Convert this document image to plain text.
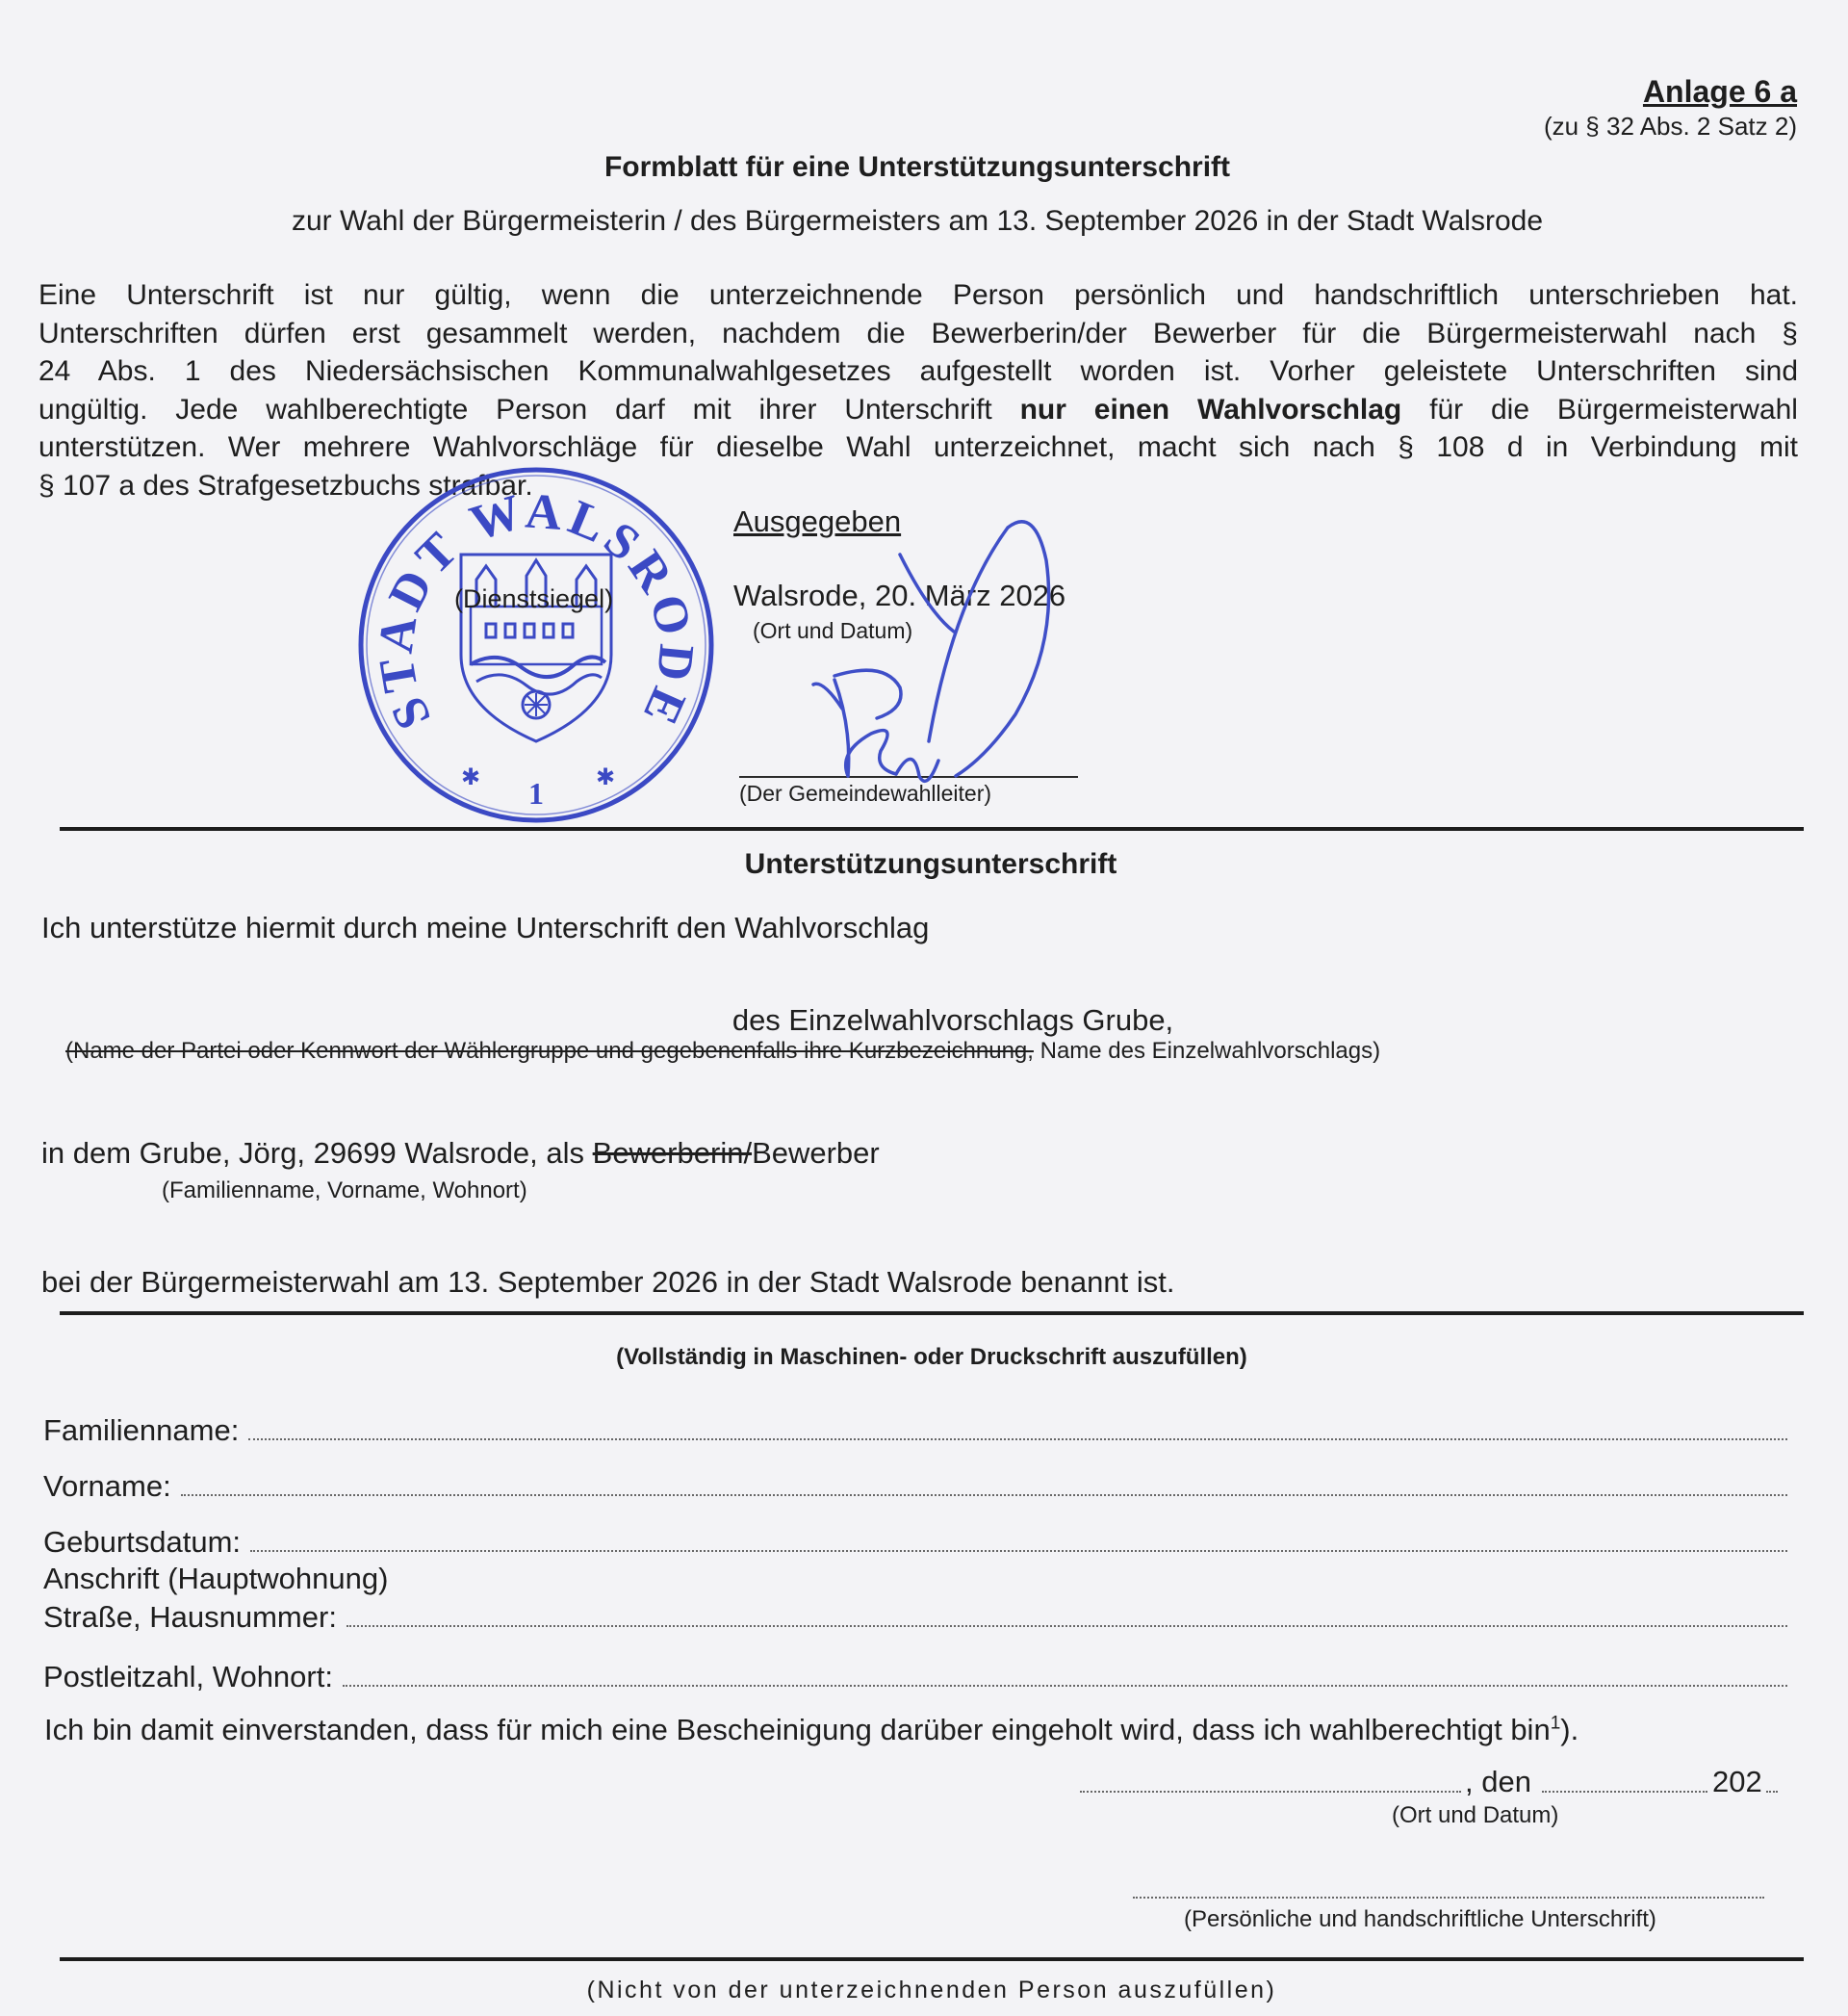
Anlage 6 a
(zu § 32 Abs. 2 Satz 2)
Formblatt für eine Unterstützungsunterschrift
zur Wahl der Bürgermeisterin / des Bürgermeisters am 13. September 2026 in der Stadt Walsrode
Eine Unterschrift ist nur gültig, wenn die unterzeichnende Person persönlich und handschriftlich unterschrieben hat.
Unterschriften dürfen erst gesammelt werden, nachdem die Bewerberin/der Bewerber für die Bürgermeisterwahl nach §
24 Abs. 1 des Niedersächsischen Kommunalwahlgesetzes aufgestellt worden ist. Vorher geleistete Unterschriften sind
ungültig. Jede wahlberechtigte Person darf mit ihrer Unterschrift nur einen Wahlvorschlag für die Bürgermeisterwahl
unterstützen. Wer mehrere Wahlvorschläge für dieselbe Wahl unterzeichnet, macht sich nach § 108 d in Verbindung mit
§ 107 a des Strafgesetzbuchs strafbar.
STADT WALSRODE
✱	✱
1
(Dienstsiegel)
Ausgegeben
Walsrode, 20. März 2026
(Ort und Datum)
(Der Gemeindewahlleiter)
Unterstützungsunterschrift
Ich unterstütze hiermit durch meine Unterschrift den Wahlvorschlag
des Einzelwahlvorschlags Grube,
(Name der Partei oder Kennwort der Wählergruppe und gegebenenfalls ihre Kurzbezeichnung, Name des Einzelwahlvorschlags)
in dem Grube, Jörg, 29699 Walsrode, als Bewerberin/Bewerber
(Familienname, Vorname, Wohnort)
bei der Bürgermeisterwahl am 13. September 2026 in der Stadt Walsrode benannt ist.
(Vollständig in Maschinen- oder Druckschrift auszufüllen)
Familienname:
Vorname:
Geburtsdatum:
Anschrift (Hauptwohnung)
Straße, Hausnummer:
Postleitzahl, Wohnort:
Ich bin damit einverstanden, dass für mich eine Bescheinigung darüber eingeholt wird, dass ich wahlberechtigt bin$^1$).
, den	202
(Ort und Datum)
(Persönliche und handschriftliche Unterschrift)
(Nicht von der unterzeichnenden Person auszufüllen)
